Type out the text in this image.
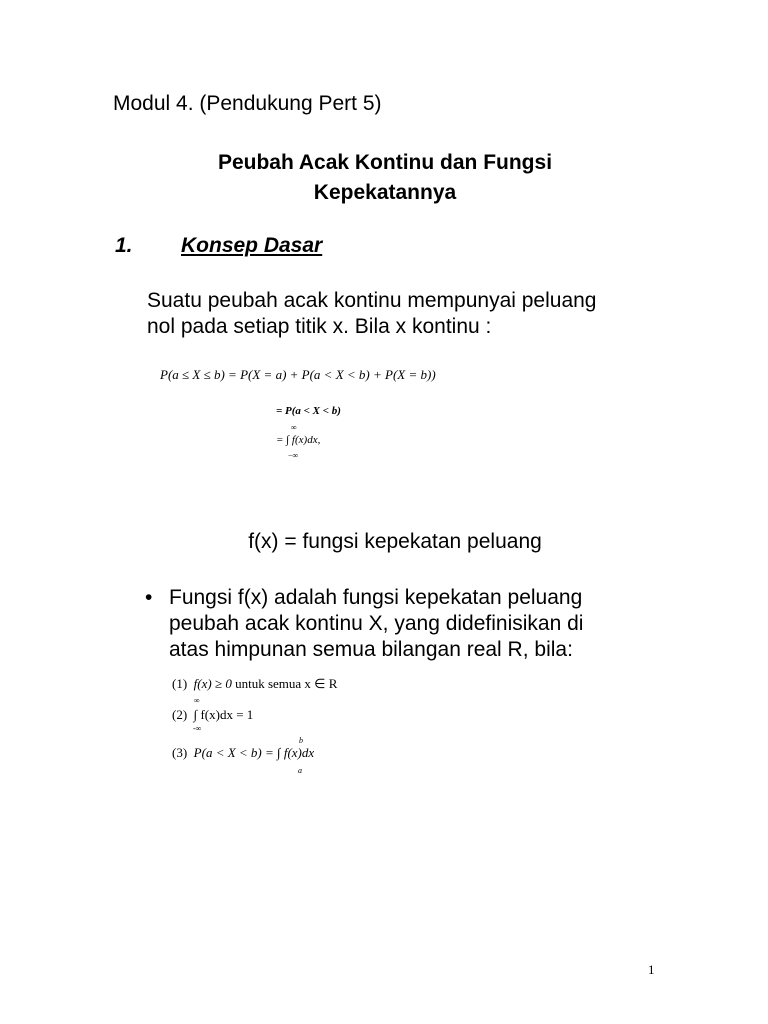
Modul 4. (Pendukung Pert 5)

Peubah Acak Kontinu dan Fungsi
Kepekatannya
1. Konsep Dasar
Suatu peubah acak kontinu mempunyai peluang
nol pada setiap titik x. Bila x kontinu :
P(a ≤ X ≤ b) = P(X = a) + P(a < X < b) + P(X = b))
= P(a < X < b)
∞
= ∫ f(x)dx,
−∞

f(x) = fungsi kepekatan peluang

• Fungsi f(x) adalah fungsi kepekatan peluang
peubah acak kontinu X, yang didefinisikan di
atas himpunan semua bilangan real R, bila:
(1) f(x) ≥ 0 untuk semua x ∈ R
∞
(2) ∫ f(x)dx = 1
-∞
b
(3) P(a < X < b) = ∫ f(x)dx
a
1
